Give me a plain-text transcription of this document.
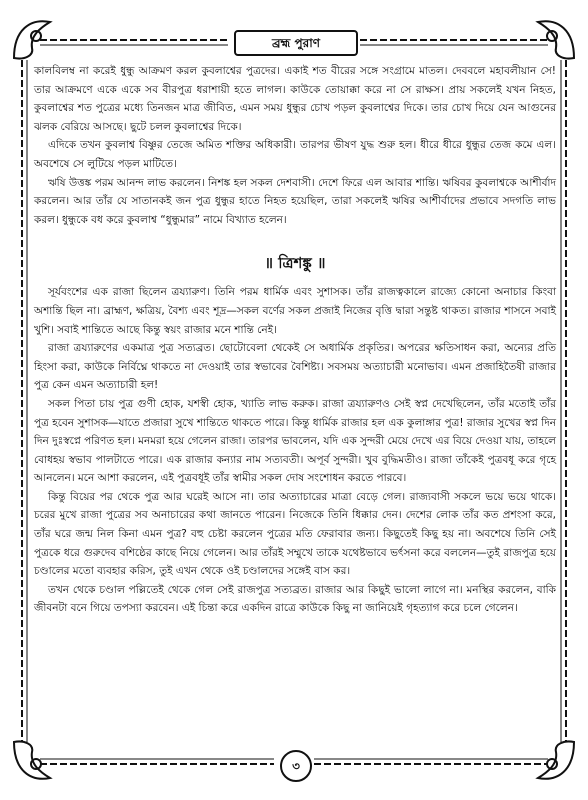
ব্রহ্ম পুরাণ

কালবিলম্ব না করেই ধুন্ধু আক্রমণ করল কুবলাশ্বের পুত্রদের। একাই শত বীরের সঙ্গে সংগ্রামে মাতল। দেববলে মহাবলীয়ান সে! তার আক্রমণে একে একে সব বীরপুত্র ধরাশায়ী হতে লাগল। কাউকে তোয়াক্কা করে না সে রাক্ষস। প্রায় সকলেই যখন নিহত, কুবলাশ্বের শত পুত্রের মধ্যে তিনজন মাত্র জীবিত, এমন সময় ধুন্ধুর চোখ পড়ল কুবলাশ্বের দিকে। তার চোখ দিয়ে যেন আগুনের ঝলক বেরিয়ে আসছে। ছুটে চলল কুবলাশ্বের দিকে।

এদিকে তখন কুবলাশ্ব বিষ্ণুর তেজে অমিত শক্তির অধিকারী। তারপর ভীষণ যুদ্ধ শুরু হল। ধীরে ধীরে ধুন্ধুর তেজ কমে এল। অবশেষে সে লুটিয়ে পড়ল মাটিতে।

ঋষি উত্তঙ্ক পরম আনন্দ লাভ করলেন। নিশঙ্ক হল সকল দেশবাসী। দেশে ফিরে এল আবার শান্তি। ঋষিবর কুবলাশ্বকে আশীর্বাদ করলেন। আর তাঁর যে সাতানকই জন পুত্র ধুন্ধুর হাতে নিহত হয়েছিল, তারা সকলেই ঋষির আশীর্বাদের প্রভাবে সদগতি লাভ করল। ধুন্ধুকে বধ করে কুবলাশ্ব “ধুন্ধুমার” নামে বিখ্যাত হলেন।

॥ ত্রিশঙ্কু ॥

সূর্যবংশের এক রাজা ছিলেন ত্রয্যারুণ। তিনি পরম ধার্মিক এবং সুশাসক। তাঁর রাজত্বকালে রাজ্যে কোনো অনাচার কিংবা অশান্তি ছিল না। ব্রাহ্মণ, ক্ষত্রিয়, বৈশ্য এবং শূদ্র—সকল বর্ণের সকল প্রজাই নিজের বৃত্তি দ্বারা সন্তুষ্ট থাকত। রাজার শাসনে সবাই খুশি। সবাই শান্তিতে আছে কিন্তু স্বয়ং রাজার মনে শান্তি নেই।

রাজা ত্রয্যারুণের একমাত্র পুত্র সত্যব্রত। ছোটোবেলা থেকেই সে অধার্মিক প্রকৃতির। অপরের ক্ষতিসাধন করা, অন্যের প্রতি হিংসা করা, কাউকে নির্বিঘ্নে থাকতে না দেওয়াই তার স্বভাবের বৈশিষ্ট্য। সবসময় অত্যাচারী মনোভাব। এমন প্রজাহিতৈষী রাজার পুত্র কেন এমন অত্যাচারী হল!

সকল পিতা চায় পুত্র গুণী হোক, যশস্বী হোক, খ্যাতি লাভ করুক। রাজা ত্রয্যারুণও সেই স্বপ্ন দেখেছিলেন, তাঁর মতোই তাঁর পুত্র হবেন সুশাসক—যাতে প্রজারা সুখে শান্তিতে থাকতে পারে। কিন্তু ধার্মিক রাজার হল এক কুলাঙ্গার পুত্র! রাজার সুখের স্বপ্ন দিন দিন দুঃস্বপ্নে পরিণত হল। মনমরা হয়ে গেলেন রাজা। তারপর ভাবলেন, যদি এক সুন্দরী মেয়ে দেখে এর বিয়ে দেওয়া যায়, তাহলে বোধহয় স্বভাব পালটাতে পারে। এক রাজার কন্যার নাম সত্যবতী। অপূর্ব সুন্দরী। খুব বুদ্ধিমতীও। রাজা তাঁকেই পুত্রবধূ করে গৃহে আনলেন। মনে আশা করলেন, এই পুত্রবধূই তাঁর স্বামীর সকল দোষ সংশোধন করতে পারবে।

কিন্তু বিয়ের পর থেকে পুত্র আর ঘরেই আসে না। তার অত্যাচারের মাত্রা বেড়ে গেল। রাজ্যবাসী সকলে ভয়ে ভয়ে থাকে। চরের মুখে রাজা পুত্রের সব অনাচারের কথা জানতে পারেন। নিজেকে তিনি ধিক্কার দেন। দেশের লোক তাঁর কত প্রশংসা করে, তাঁর ঘরে জন্ম নিল কিনা এমন পুত্র? বহু চেষ্টা করলেন পুত্রের মতি ফেরাবার জন্য। কিছুতেই কিছু হয় না। অবশেষে তিনি সেই পুত্রকে ধরে গুরুদেব বশিষ্ঠের কাছে নিয়ে গেলেন। আর তাঁরই সম্মুখে তাকে যথেষ্টভাবে ভর্ৎসনা করে বললেন—তুই রাজপুত্র হয়ে চণ্ডালের মতো ব্যবহার করিস, তুই এখন থেকে ওই চণ্ডালদের সঙ্গেই বাস কর।

তখন থেকে চণ্ডাল পল্লিতেই থেকে গেল সেই রাজপুত্র সত্যব্রত। রাজার আর কিছুই ভালো লাগে না। মনস্থির করলেন, বাকি জীবনটা বনে গিয়ে তপস্যা করবেন। এই চিন্তা করে একদিন রাত্রে কাউকে কিছু না জানিয়েই গৃহত্যাগ করে চলে গেলেন।

৩
